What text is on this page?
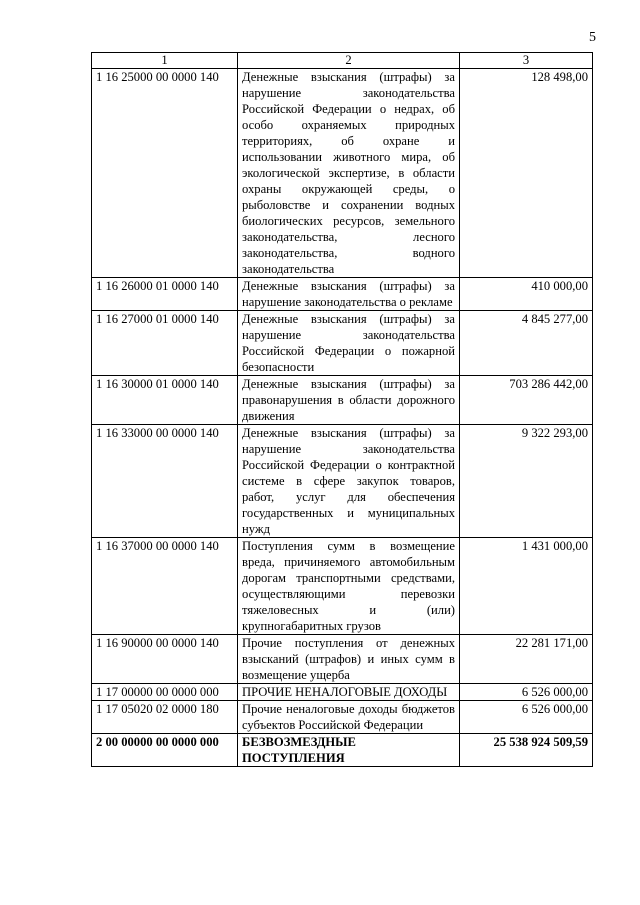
5
1	2	3
1 16 25000 00 0000 140	Денежные взыскания (штрафы) за нарушение законодательства Российской Федерации о недрах, об особо охраняемых природных территориях, об охране и использовании животного мира, об экологической экспертизе, в области охраны окружающей среды, о рыболовстве и сохранении водных биологических ресурсов, земельного законодательства, лесного законодательства, водного законодательства	128 498,00
1 16 26000 01 0000 140	Денежные взыскания (штрафы) за нарушение законодательства о рекламе	410 000,00
1 16 27000 01 0000 140	Денежные взыскания (штрафы) за нарушение законодательства Российской Федерации о пожарной безопасности	4 845 277,00
1 16 30000 01 0000 140	Денежные взыскания (штрафы) за правонарушения в области дорожного движения	703 286 442,00
1 16 33000 00 0000 140	Денежные взыскания (штрафы) за нарушение законодательства Российской Федерации о контрактной системе в сфере закупок товаров, работ, услуг для обеспечения государственных и муниципальных нужд	9 322 293,00
1 16 37000 00 0000 140	Поступления сумм в возмещение вреда, причиняемого автомобильным дорогам транспортными средствами, осуществляющими перевозки тяжеловесных и (или) крупногабаритных грузов	1 431 000,00
1 16 90000 00 0000 140	Прочие поступления от денежных взысканий (штрафов) и иных сумм в возмещение ущерба	22 281 171,00
1 17 00000 00 0000 000	ПРОЧИЕ НЕНАЛОГОВЫЕ ДОХОДЫ	6 526 000,00
1 17 05020 02 0000 180	Прочие неналоговые доходы бюджетов субъектов Российской Федерации	6 526 000,00
2 00 00000 00 0000 000	БЕЗВОЗМЕЗДНЫЕ ПОСТУПЛЕНИЯ	25 538 924 509,59
